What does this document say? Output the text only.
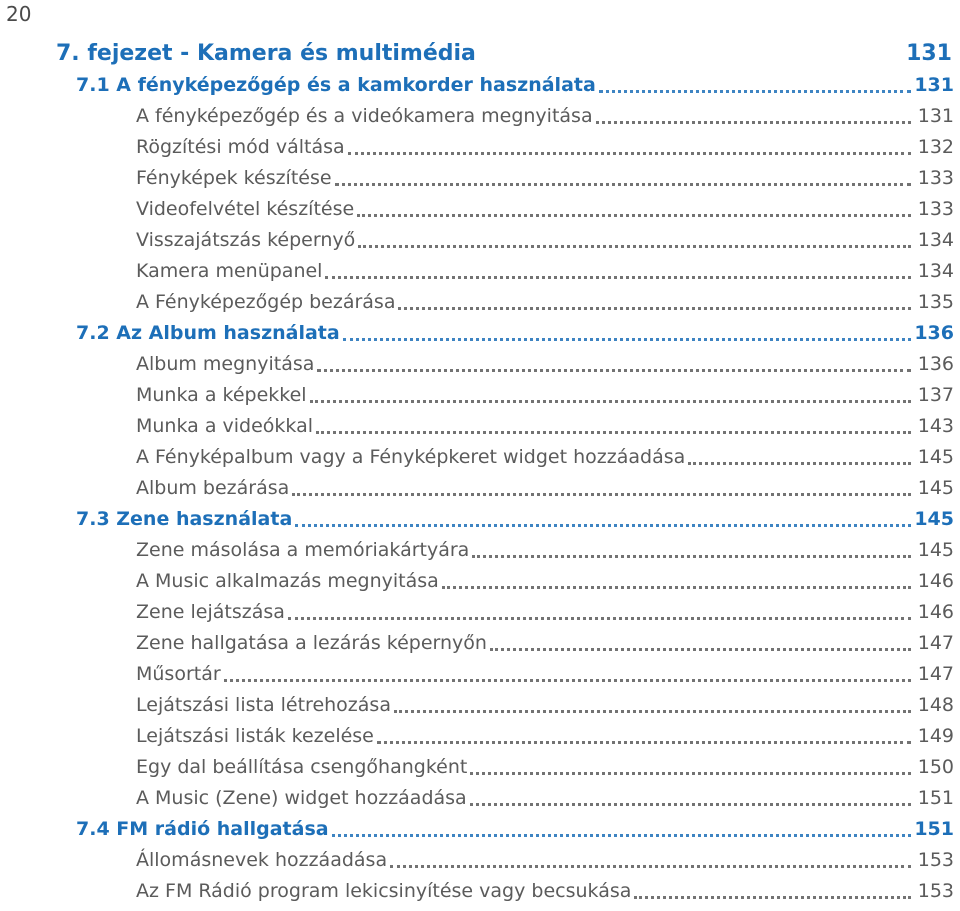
20
7. fejezet - Kamera és multimédia	131
7.1 A fényképezőgép és a kamkorder használata	131
A fényképezőgép és a videókamera megnyitása	131
Rögzítési mód váltása	132
Fényképek készítése	133
Videofelvétel készítése	133
Visszajátszás képernyő	134
Kamera menüpanel	134
A Fényképezőgép bezárása	135
7.2 Az Album használata	136
Album megnyitása	136
Munka a képekkel	137
Munka a videókkal	143
A Fényképalbum vagy a Fényképkeret widget hozzáadása	145
Album bezárása	145
7.3 Zene használata	145
Zene másolása a memóriakártyára	145
A Music alkalmazás megnyitása	146
Zene lejátszása	146
Zene hallgatása a lezárás képernyőn	147
Műsortár	147
Lejátszási lista létrehozása	148
Lejátszási listák kezelése	149
Egy dal beállítása csengőhangként	150
A Music (Zene) widget hozzáadása	151
7.4 FM rádió hallgatása	151
Állomásnevek hozzáadása	153
Az FM Rádió program lekicsinyítése vagy becsukása	153
